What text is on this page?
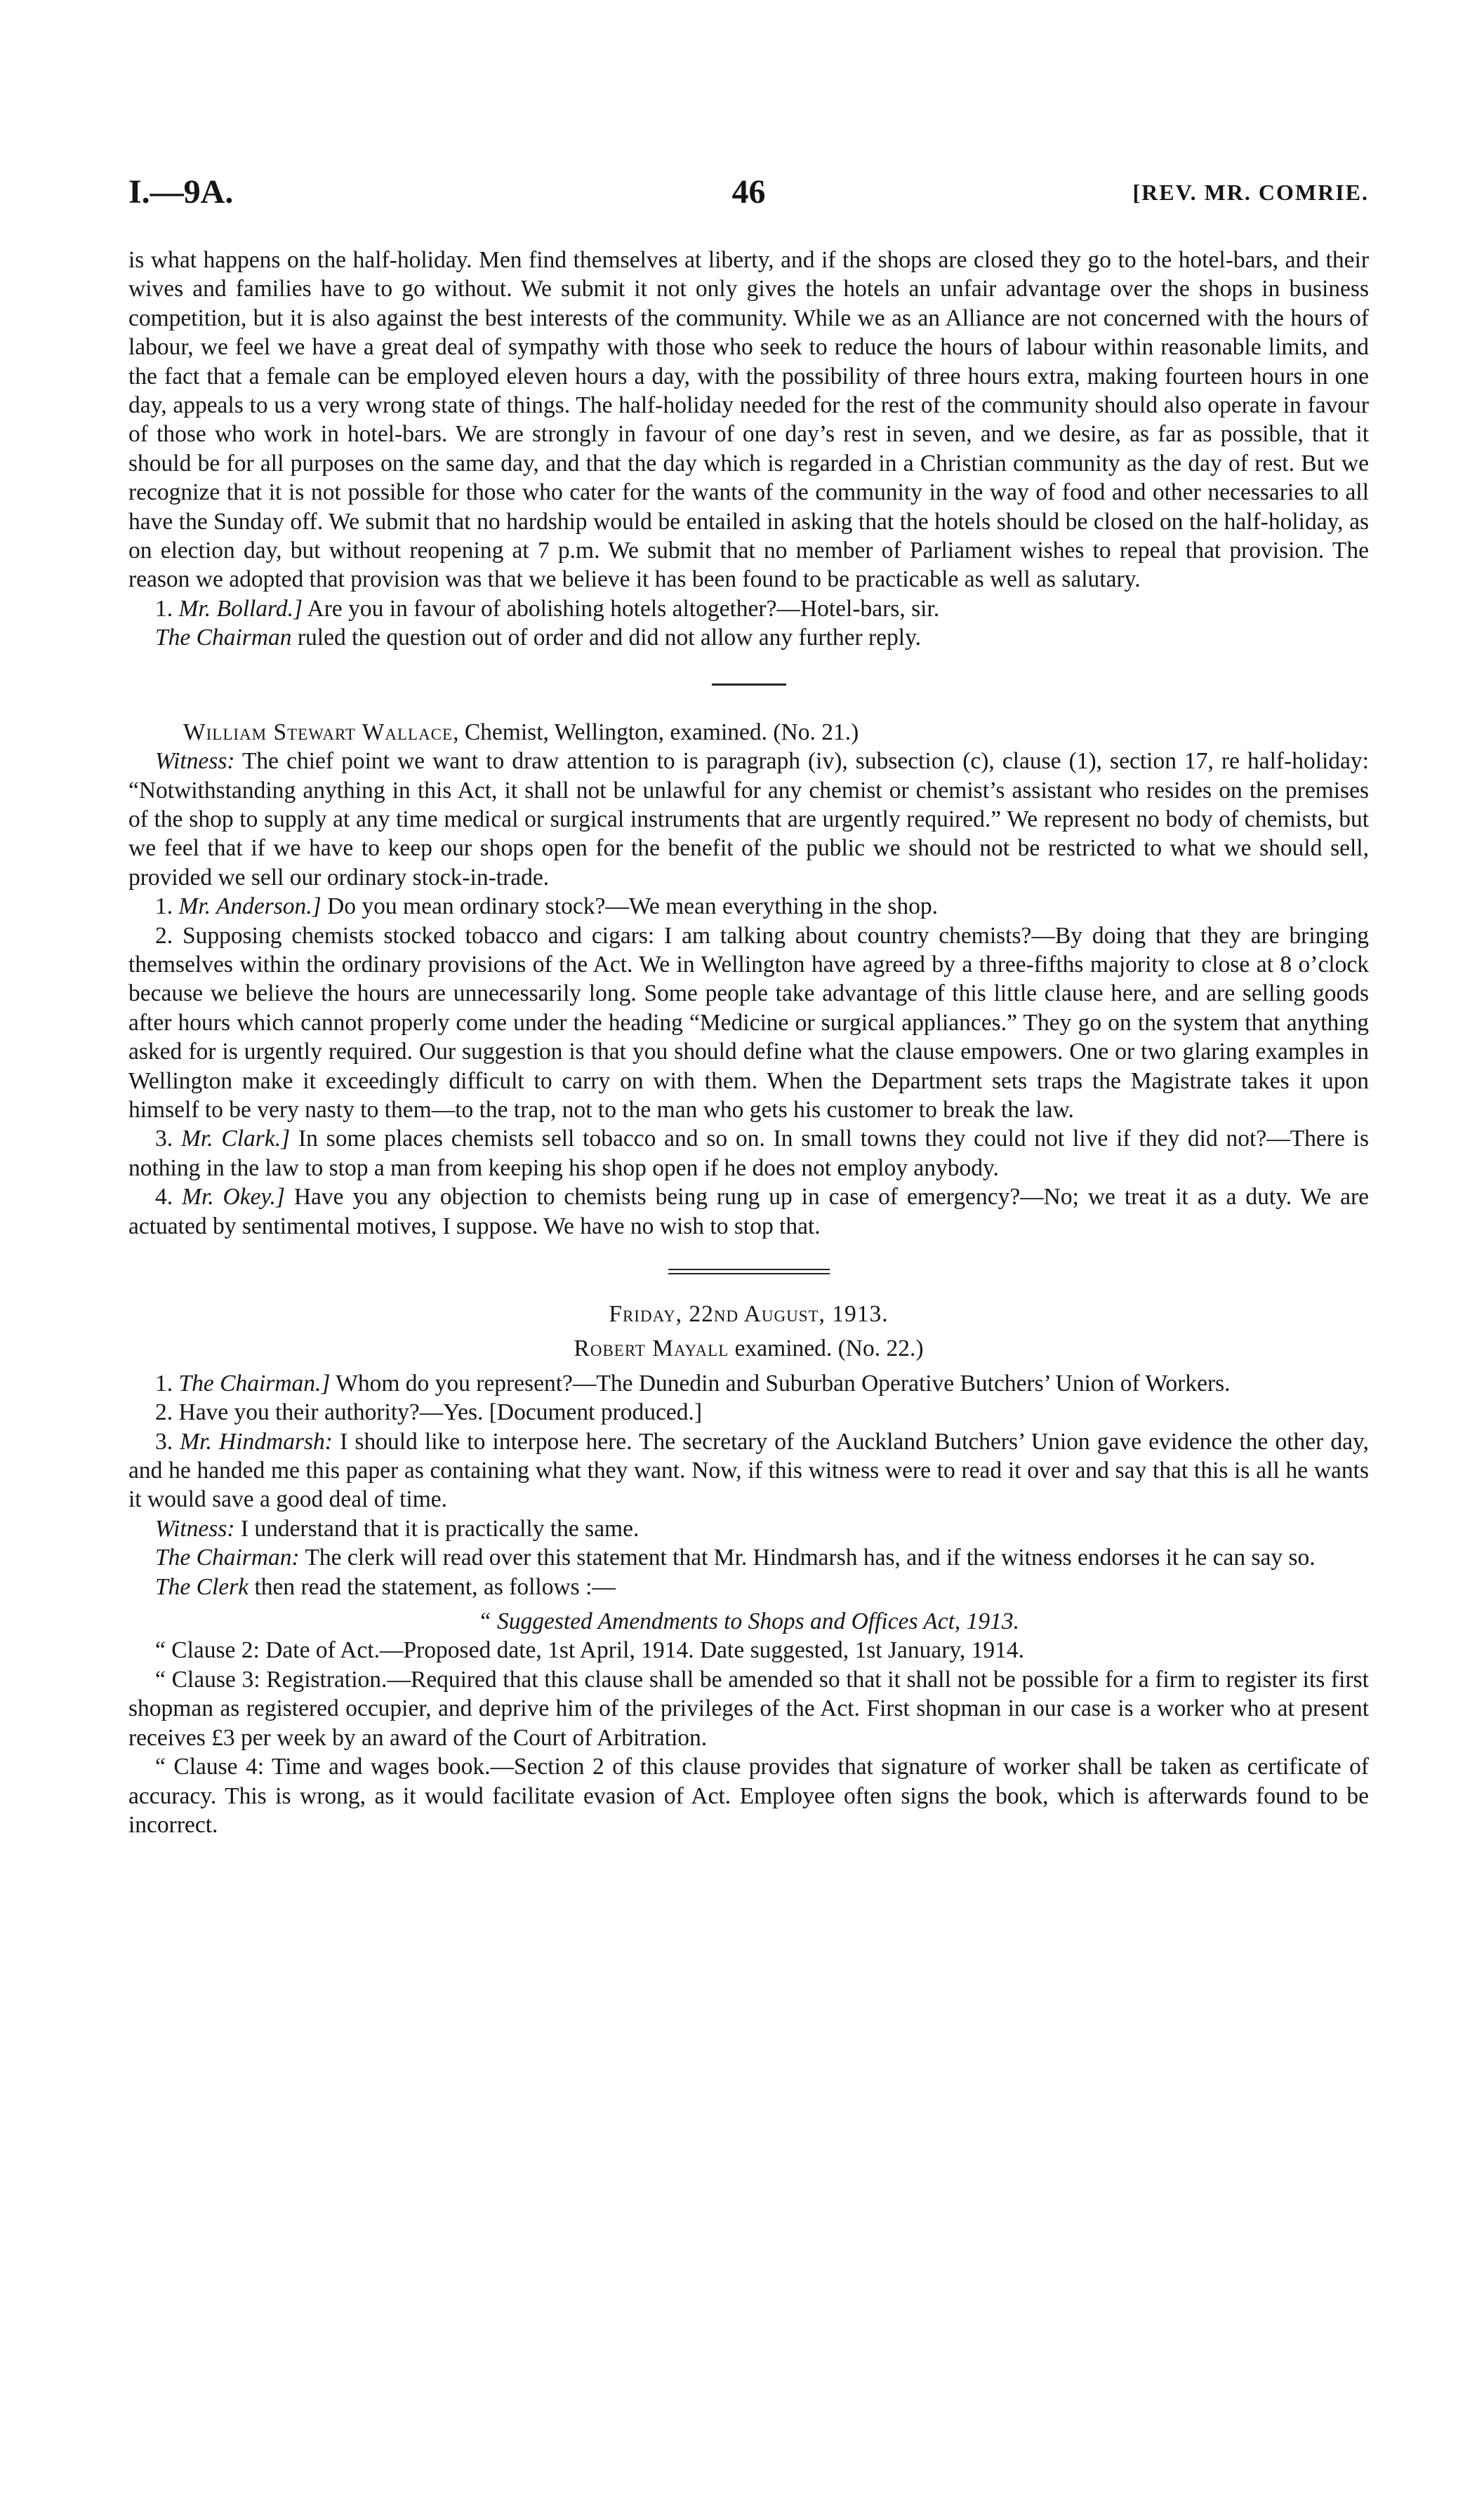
I.—9A.	46	[REV. MR. COMRIE.

is what happens on the half-holiday. Men find themselves at liberty, and if the shops are closed they go to the hotel-bars, and their wives and families have to go without. We submit it not only gives the hotels an unfair advantage over the shops in business competition, but it is also against the best interests of the community. While we as an Alliance are not concerned with the hours of labour, we feel we have a great deal of sympathy with those who seek to reduce the hours of labour within reasonable limits, and the fact that a female can be employed eleven hours a day, with the possibility of three hours extra, making fourteen hours in one day, appeals to us a very wrong state of things. The half-holiday needed for the rest of the community should also operate in favour of those who work in hotel-bars. We are strongly in favour of one day’s rest in seven, and we desire, as far as possible, that it should be for all purposes on the same day, and that the day which is regarded in a Christian community as the day of rest. But we recognize that it is not possible for those who cater for the wants of the community in the way of food and other necessaries to all have the Sunday off. We submit that no hardship would be entailed in asking that the hotels should be closed on the half-holiday, as on election day, but without reopening at 7 p.m. We submit that no member of Parliament wishes to repeal that provision. The reason we adopted that provision was that we believe it has been found to be practicable as well as salutary.

1. Mr. Bollard.] Are you in favour of abolishing hotels altogether?—Hotel-bars, sir.

The Chairman ruled the question out of order and did not allow any further reply.

William Stewart Wallace, Chemist, Wellington, examined. (No. 21.)

Witness: The chief point we want to draw attention to is paragraph (iv), subsection (c), clause (1), section 17, re half-holiday: “Notwithstanding anything in this Act, it shall not be unlawful for any chemist or chemist’s assistant who resides on the premises of the shop to supply at any time medical or surgical instruments that are urgently required.” We represent no body of chemists, but we feel that if we have to keep our shops open for the benefit of the public we should not be restricted to what we should sell, provided we sell our ordinary stock-in-trade.

1. Mr. Anderson.] Do you mean ordinary stock?—We mean everything in the shop.

2. Supposing chemists stocked tobacco and cigars: I am talking about country chemists?—By doing that they are bringing themselves within the ordinary provisions of the Act. We in Wellington have agreed by a three-fifths majority to close at 8 o’clock because we believe the hours are unnecessarily long. Some people take advantage of this little clause here, and are selling goods after hours which cannot properly come under the heading “Medicine or surgical appliances.” They go on the system that anything asked for is urgently required. Our suggestion is that you should define what the clause empowers. One or two glaring examples in Wellington make it exceedingly difficult to carry on with them. When the Department sets traps the Magistrate takes it upon himself to be very nasty to them—to the trap, not to the man who gets his customer to break the law.

3. Mr. Clark.] In some places chemists sell tobacco and so on. In small towns they could not live if they did not?—There is nothing in the law to stop a man from keeping his shop open if he does not employ anybody.

4. Mr. Okey.] Have you any objection to chemists being rung up in case of emergency?—No; we treat it as a duty. We are actuated by sentimental motives, I suppose. We have no wish to stop that.

Friday, 22nd August, 1913.

Robert Mayall examined. (No. 22.)

1. The Chairman.] Whom do you represent?—The Dunedin and Suburban Operative Butchers’ Union of Workers.

2. Have you their authority?—Yes. [Document produced.]

3. Mr. Hindmarsh: I should like to interpose here. The secretary of the Auckland Butchers’ Union gave evidence the other day, and he handed me this paper as containing what they want. Now, if this witness were to read it over and say that this is all he wants it would save a good deal of time.

Witness: I understand that it is practically the same.

The Chairman: The clerk will read over this statement that Mr. Hindmarsh has, and if the witness endorses it he can say so.

The Clerk then read the statement, as follows :—

“ Suggested Amendments to Shops and Offices Act, 1913.

“ Clause 2: Date of Act.—Proposed date, 1st April, 1914. Date suggested, 1st January, 1914.

“ Clause 3: Registration.—Required that this clause shall be amended so that it shall not be possible for a firm to register its first shopman as registered occupier, and deprive him of the privileges of the Act. First shopman in our case is a worker who at present receives £3 per week by an award of the Court of Arbitration.

“ Clause 4: Time and wages book.—Section 2 of this clause provides that signature of worker shall be taken as certificate of accuracy. This is wrong, as it would facilitate evasion of Act. Employee often signs the book, which is afterwards found to be incorrect.
